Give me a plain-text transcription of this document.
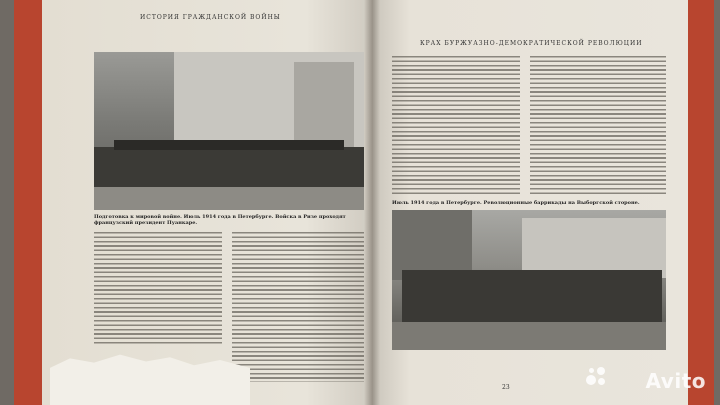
ИСТОРИЯ ГРАЖДАНСКОЙ ВОЙНЫ
Подготовка к мировой войне. Июль 1914 года в Петербурге. Войска в Ризе проходят французский президент Пуанкаре.
КРАХ БУРЖУАЗНО-ДЕМОКРАТИЧЕСКОЙ РЕВОЛЮЦИИ
Июль 1914 года в Петербурге. Революционные баррикады на Выборгской стороне.
23	Avito
